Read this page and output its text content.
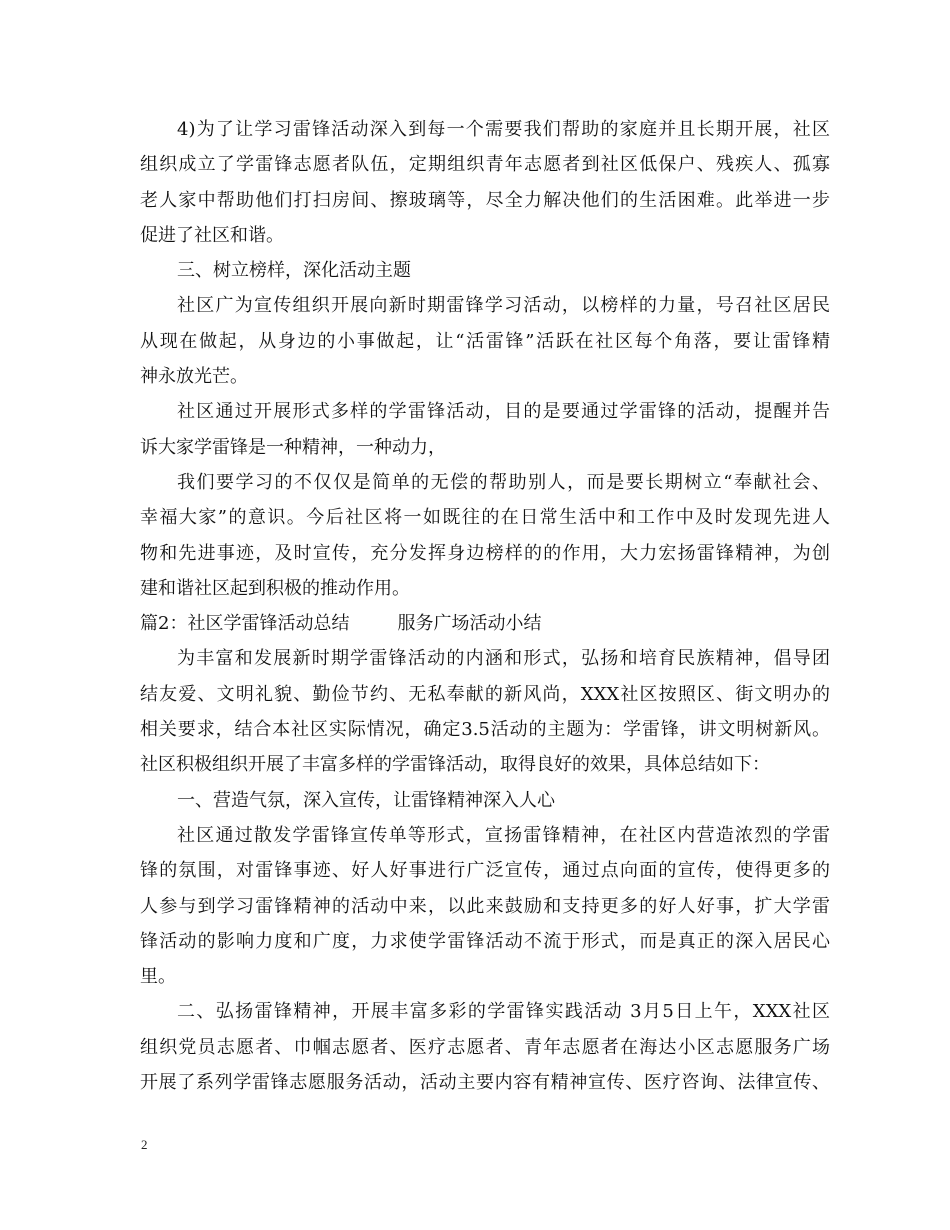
4)为了让学习雷锋活动深入到每一个需要我们帮助的家庭并且长期开展，社区
组织成立了学雷锋志愿者队伍，定期组织青年志愿者到社区低保户、残疾人、孤寡
老人家中帮助他们打扫房间、擦玻璃等，尽全力解决他们的生活困难。此举进一步
促进了社区和谐。
三、树立榜样，深化活动主题
社区广为宣传组织开展向新时期雷锋学习活动，以榜样的力量，号召社区居民
从现在做起，从身边的小事做起，让“活雷锋”活跃在社区每个角落，要让雷锋精
神永放光芒。
社区通过开展形式多样的学雷锋活动，目的是要通过学雷锋的活动，提醒并告
诉大家学雷锋是一种精神，一种动力，
我们要学习的不仅仅是简单的无偿的帮助别人，而是要长期树立“奉献社会、
幸福大家”的意识。今后社区将一如既往的在日常生活中和工作中及时发现先进人
物和先进事迹，及时宣传，充分发挥身边榜样的的作用，大力宏扬雷锋精神，为创
建和谐社区起到积极的推动作用。
篇2：社区学雷锋活动总结	服务广场活动小结
为丰富和发展新时期学雷锋活动的内涵和形式，弘扬和培育民族精神，倡导团
结友爱、文明礼貌、勤俭节约、无私奉献的新风尚，XXX社区按照区、街文明办的
相关要求，结合本社区实际情况，确定3.5活动的主题为：学雷锋，讲文明树新风。
社区积极组织开展了丰富多样的学雷锋活动，取得良好的效果，具体总结如下：
一、营造气氛，深入宣传，让雷锋精神深入人心
社区通过散发学雷锋宣传单等形式，宣扬雷锋精神，在社区内营造浓烈的学雷
锋的氛围，对雷锋事迹、好人好事进行广泛宣传，通过点向面的宣传，使得更多的
人参与到学习雷锋精神的活动中来，以此来鼓励和支持更多的好人好事，扩大学雷
锋活动的影响力度和广度，力求使学雷锋活动不流于形式，而是真正的深入居民心
里。
二、弘扬雷锋精神，开展丰富多彩的学雷锋实践活动 3月5日上午，XXX社区
组织党员志愿者、巾帼志愿者、医疗志愿者、青年志愿者在海达小区志愿服务广场
开展了系列学雷锋志愿服务活动，活动主要内容有精神宣传、医疗咨询、法律宣传、
2
